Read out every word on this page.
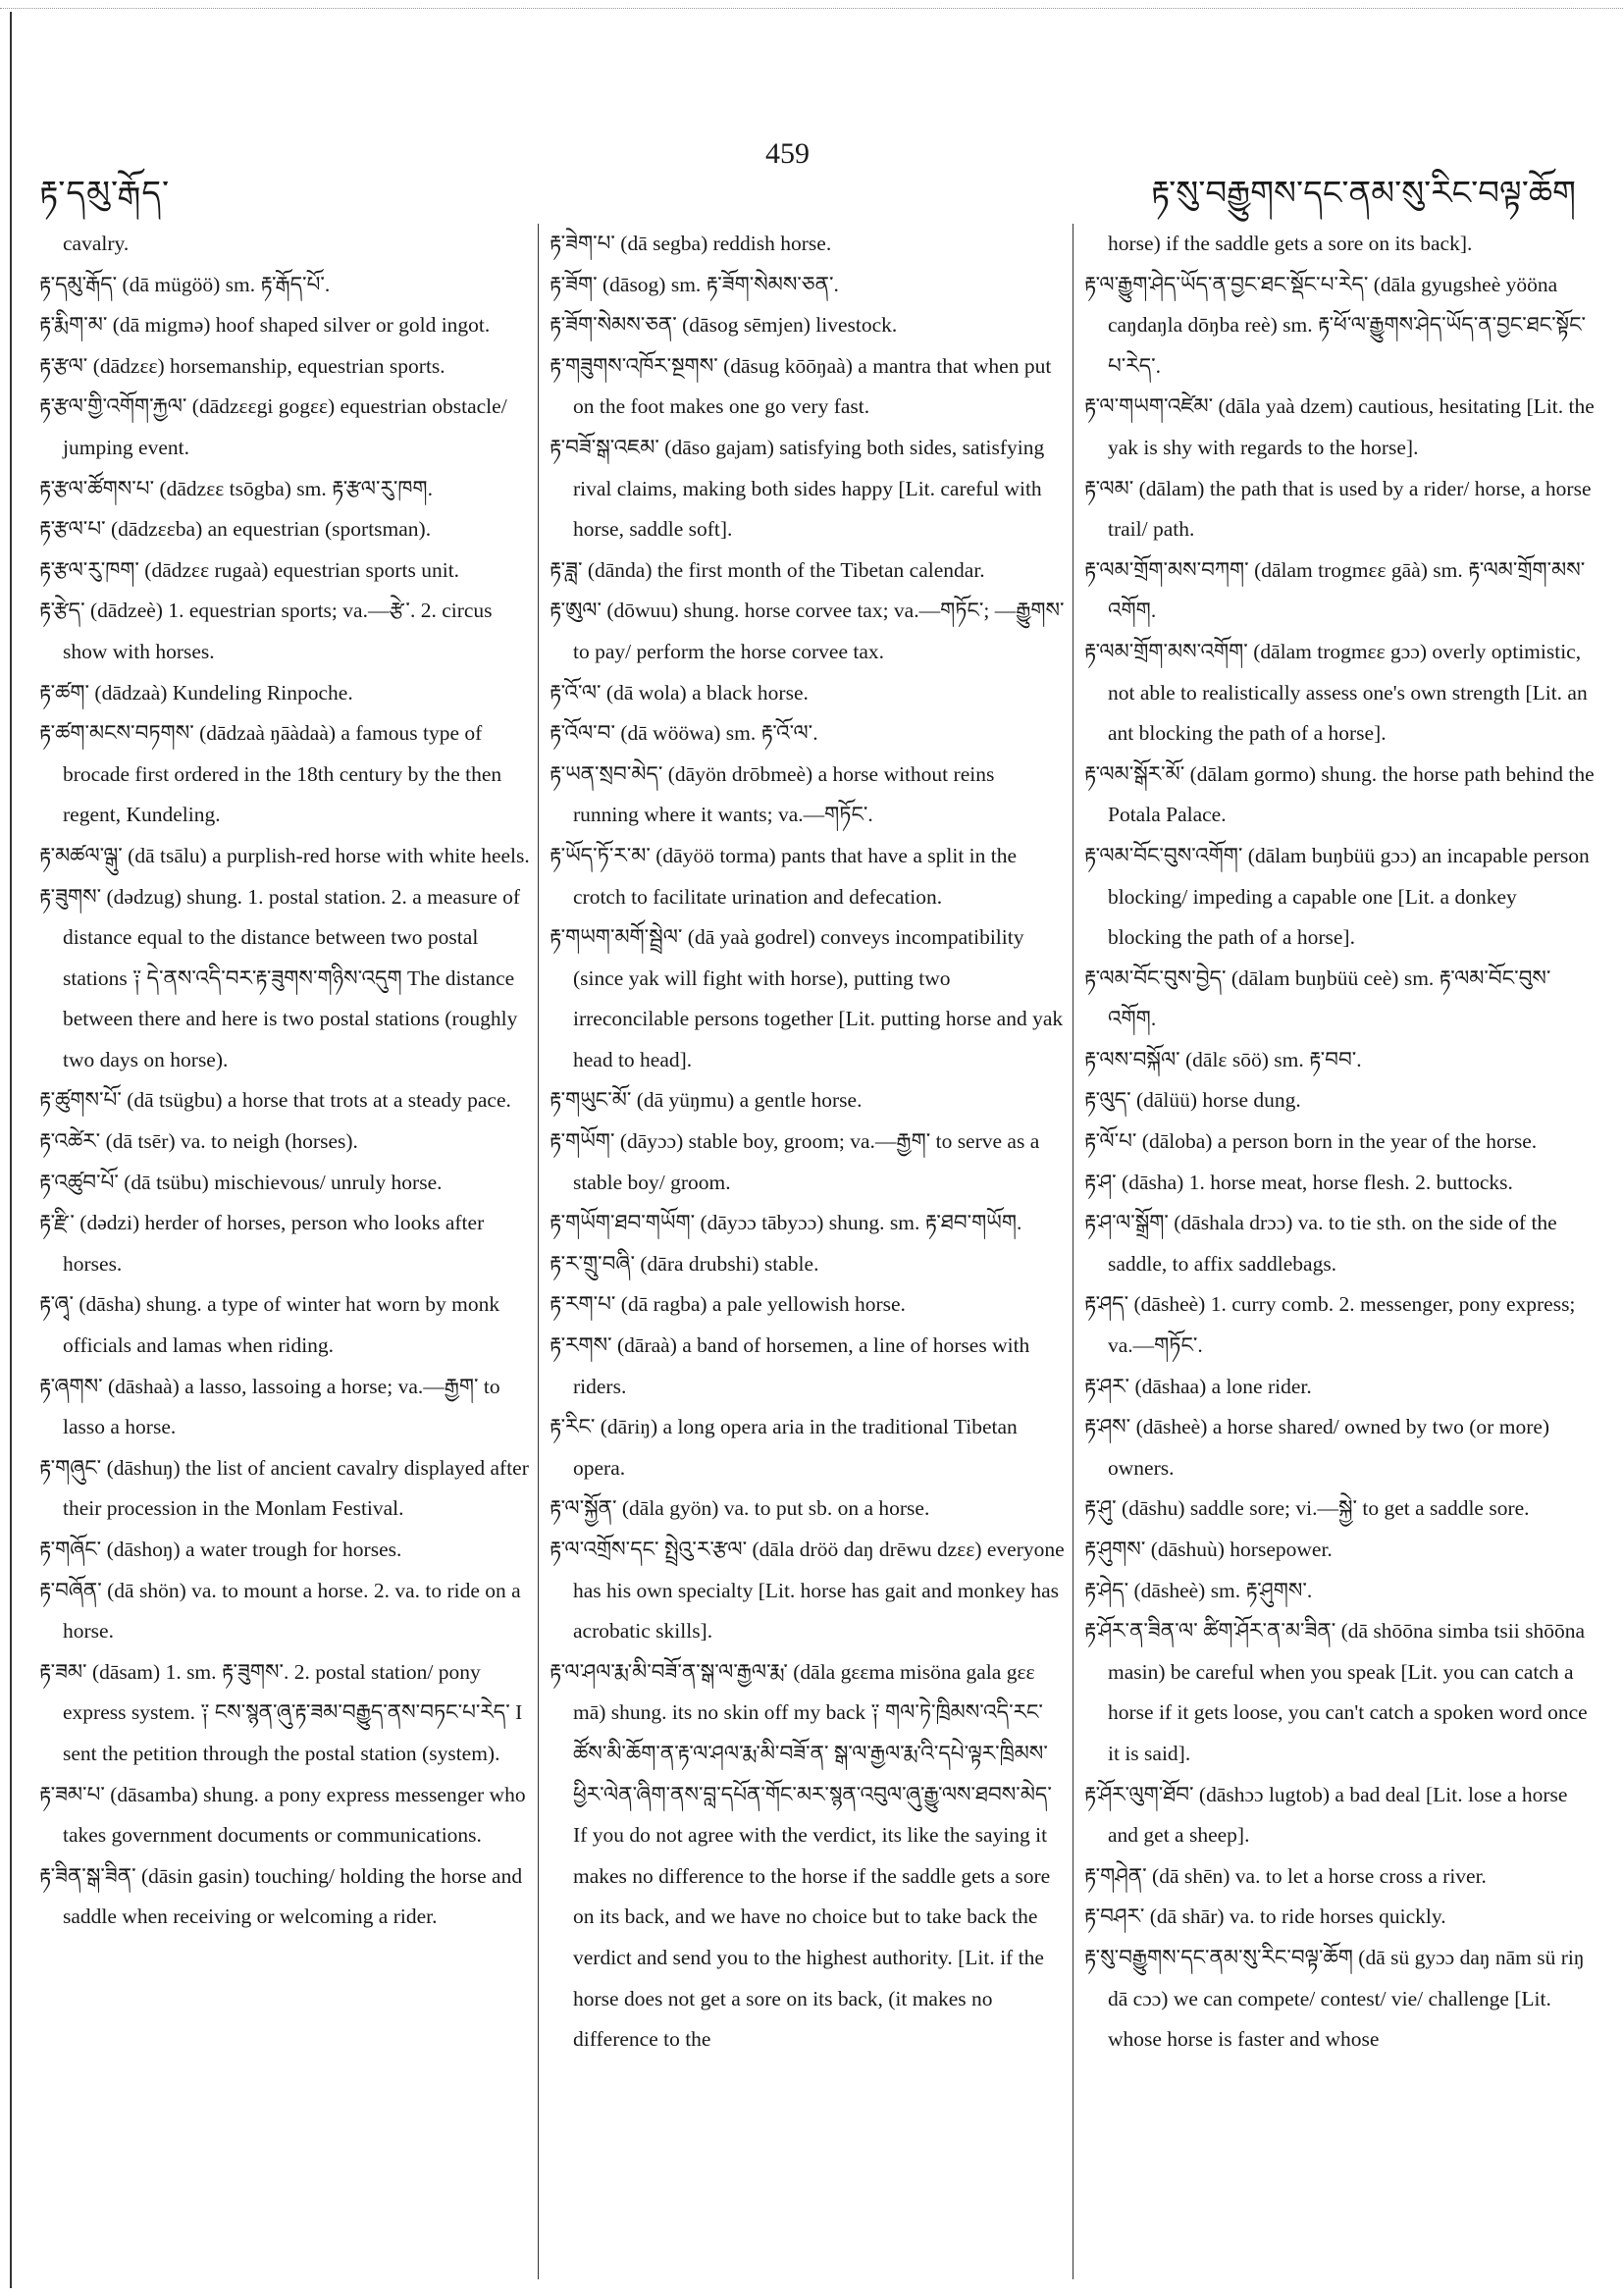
རྟ་དམུ་རྒོད་
459
རྟ་སུ་བརྒྱུགས་དང་ནམ་སུ་རིང་བལྟ་ཆོག
cavalry.
རྟ་དམུ་རྒོད་ (dā mügöö) sm. རྟ་རྒོད་པོ་.
རྟ་རྨིག་མ་ (dā migmə) hoof shaped silver or gold ingot.
རྟ་རྩལ་ (dādzεε) horsemanship, equestrian sports.
རྟ་རྩལ་གྱི་འགོག་རྐྱལ་ (dādzεεgi gogεε) equestrian obstacle/ jumping event.
རྟ་རྩལ་ཚོགས་པ་ (dādzεε tsōgba) sm. རྟ་རྩལ་རུ་ཁག.
རྟ་རྩལ་པ་ (dādzεεba) an equestrian (sportsman).
རྟ་རྩལ་རུ་ཁག་ (dādzεε rugaà) equestrian sports unit.
རྟ་རྩེད་ (dādzeè) 1. equestrian sports; va.—རྩེ་. 2. circus show with horses.
རྟ་ཚག་ (dādzaà) Kundeling Rinpoche.
རྟ་ཚག་མངས་བཏགས་ (dādzaà ŋāàdaà) a famous type of brocade first ordered in the 18th century by the then regent, Kundeling.
རྟ་མཚལ་ལྒུ་ (dā tsālu) a purplish-red horse with white heels.
རྟ་ཟུགས་ (dədzug) shung. 1. postal station. 2. a measure of distance equal to the distance between two postal stations ༑ དེ་ནས་འདི་བར་རྟ་ཟུགས་གཉིས་འདུག The distance between there and here is two postal stations (roughly two days on horse).
རྟ་ཚུགས་པོ་ (dā tsügbu) a horse that trots at a steady pace.
རྟ་འཚེར་ (dā tsēr) va. to neigh (horses).
རྟ་འཚུབ་པོ་ (dā tsübu) mischievous/ unruly horse.
རྟ་རྫི་ (dədzi) herder of horses, person who looks after horses.
རྟ་ཞྭ་ (dāsha) shung. a type of winter hat worn by monk officials and lamas when riding.
རྟ་ཞགས་ (dāshaà) a lasso, lassoing a horse; va.—རྒྱག་ to lasso a horse.
རྟ་གཞུང་ (dāshuŋ) the list of ancient cavalry displayed after their procession in the Monlam Festival.
རྟ་གཞོང་ (dāshoŋ) a water trough for horses.
རྟ་བཞོན་ (dā shön) va. to mount a horse. 2. va. to ride on a horse.
རྟ་ཟམ་ (dāsam) 1. sm. རྟ་ཟུགས་. 2. postal station/ pony express system. ༑ ངས་སྙན་ཞུ་རྟ་ཟམ་བརྒྱུད་ནས་བཏང་པ་རེད་ I sent the petition through the postal station (system).
རྟ་ཟམ་པ་ (dāsamba) shung. a pony express messenger who takes government documents or communications.
རྟ་ཟིན་སྒ་ཟིན་ (dāsin gasin) touching/ holding the horse and saddle when receiving or welcoming a rider.
རྟ་ཟེག་པ་ (dā segba) reddish horse.
རྟ་ཟོག་ (dāsog) sm. རྟ་ཟོག་སེམས་ཅན་.
རྟ་ཟོག་སེམས་ཅན་ (dāsog sēmjen) livestock.
རྟ་གཟུགས་འཁོར་སྔགས་ (dāsug kōōŋaà) a mantra that when put on the foot makes one go very fast.
རྟ་བཟོ་སྒ་འཇམ་ (dāso gajam) satisfying both sides, satisfying rival claims, making both sides happy [Lit. careful with horse, saddle soft].
རྟ་ཟླ་ (dānda) the first month of the Tibetan calendar.
རྟ་ཨུལ་ (dōwuu) shung. horse corvee tax; va.—གཏོང་; —རྒྱུགས་ to pay/ perform the horse corvee tax.
རྟ་འོ་ལ་ (dā wola) a black horse.
རྟ་འོལ་བ་ (dā wööwa) sm. རྟ་འོ་ལ་.
རྟ་ཡན་སྲབ་མེད་ (dāyön drōbmeè) a horse without reins running where it wants; va.—གཏོང་.
རྟ་ཡོད་ཏོ་ར་མ་ (dāyöö torma) pants that have a split in the crotch to facilitate urination and defecation.
རྟ་གཡག་མགོ་སྦྲེལ་ (dā yaà godrel) conveys incompatibility (since yak will fight with horse), putting two irreconcilable persons together [Lit. putting horse and yak head to head].
རྟ་གཡུང་མོ་ (dā yüŋmu) a gentle horse.
རྟ་གཡོག་ (dāyɔɔ) stable boy, groom; va.—རྒྱག་ to serve as a stable boy/ groom.
རྟ་གཡོག་ཐབ་གཡོག་ (dāyɔɔ tābyɔɔ) shung. sm. རྟ་ཐབ་གཡོག.
རྟ་ར་གྲུ་བཞི་ (dāra drubshi) stable.
རྟ་རག་པ་ (dā ragba) a pale yellowish horse.
རྟ་རགས་ (dāraà) a band of horsemen, a line of horses with riders.
རྟ་རིང་ (dāriŋ) a long opera aria in the traditional Tibetan opera.
རྟ་ལ་སྐྱོན་ (dāla gyön) va. to put sb. on a horse.
རྟ་ལ་འགྲོས་དང་ སྤྲེའུ་ར་རྩལ་ (dāla dröö daŋ drēwu dzεε) everyone has his own specialty [Lit. horse has gait and monkey has acrobatic skills].
རྟ་ལ་ཤལ་རྨ་མི་བཟོ་ན་སྒ་ལ་རྒྱལ་རྨ་ (dāla gεεma misöna gala gεε mā) shung. its no skin off my back ༑ གལ་ཏེ་ཁྲིམས་འདི་རང་ཚོས་མི་ཆོག་ན་རྟ་ལ་ཤལ་རྨ་མི་བཟོ་ན་ སྒ་ལ་རྒྱལ་རྨ་འི་དཔེ་ལྟར་ཁྲིམས་ཕྱིར་ལེན་ཞིག་ནས་བླ་དཔོན་གོང་མར་སྙན་འབུལ་ཞུ་རྒྱུ་ལས་ཐབས་མེད་ If you do not agree with the verdict, its like the saying it makes no difference to the horse if the saddle gets a sore on its back, and we have no choice but to take back the verdict and send you to the highest authority. [Lit. if the horse does not get a sore on its back, (it makes no difference to the
horse) if the saddle gets a sore on its back].
རྟ་ལ་རྒྱུག་ཤེད་ཡོད་ན་བྱང་ཐང་སྡོང་པ་རེད་ (dāla gyugsheè yööna caŋdaŋla dōŋba reè) sm. རྟ་ཕོ་ལ་རྒྱུགས་ཤེད་ཡོད་ན་བྱང་ཐང་སྟོང་པ་རེད་.
རྟ་ལ་གཡག་འཛེམ་ (dāla yaà dzem) cautious, hesitating [Lit. the yak is shy with regards to the horse].
རྟ་ལམ་ (dālam) the path that is used by a rider/ horse, a horse trail/ path.
རྟ་ལམ་གྲོག་མས་བཀག་ (dālam trogmεε gāà) sm. རྟ་ལམ་གྲོག་མས་འགོག.
རྟ་ལམ་གྲོག་མས་འགོག་ (dālam trogmεε gɔɔ) overly optimistic, not able to realistically assess one's own strength [Lit. an ant blocking the path of a horse].
རྟ་ལམ་སྒོར་མོ་ (dālam gormo) shung. the horse path behind the Potala Palace.
རྟ་ལམ་བོང་བུས་འགོག་ (dālam buŋbüü gɔɔ) an incapable person blocking/ impeding a capable one [Lit. a donkey blocking the path of a horse].
རྟ་ལམ་བོང་བུས་བྱེད་ (dālam buŋbüü ceè) sm. རྟ་ལམ་བོང་བུས་འགོག.
རྟ་ལས་བསྐོལ་ (dālε sōö) sm. རྟ་བབ་.
རྟ་ལུད་ (dālüü) horse dung.
རྟ་ལོ་པ་ (dāloba) a person born in the year of the horse.
རྟ་ཤ་ (dāsha) 1. horse meat, horse flesh. 2. buttocks.
རྟ་ཤ་ལ་སྒྲོག་ (dāshala drɔɔ) va. to tie sth. on the side of the saddle, to affix saddlebags.
རྟ་ཤད་ (dāsheè) 1. curry comb. 2. messenger, pony express; va.—གཏོང་.
རྟ་ཤར་ (dāshaa) a lone rider.
རྟ་ཤས་ (dāsheè) a horse shared/ owned by two (or more) owners.
རྟ་ཤུ་ (dāshu) saddle sore; vi.—སྐྱེ་ to get a saddle sore.
རྟ་ཤུགས་ (dāshuù) horsepower.
རྟ་ཤེད་ (dāsheè) sm. རྟ་ཤུགས་.
རྟ་ཤོར་ན་ཟིན་ལ་ ཚིག་ཤོར་ན་མ་ཟིན་ (dā shōōna simba tsii shōōna masin) be careful when you speak [Lit. you can catch a horse if it gets loose, you can't catch a spoken word once it is said].
རྟ་ཤོར་ལུག་ཐོབ་ (dāshɔɔ lugtob) a bad deal [Lit. lose a horse and get a sheep].
རྟ་གཤེན་ (dā shēn) va. to let a horse cross a river.
རྟ་བཤར་ (dā shār) va. to ride horses quickly.
རྟ་སུ་བརྒྱུགས་དང་ནམ་སུ་རིང་བལྟ་ཆོག (dā sü gyɔɔ daŋ nām sü riŋ dā cɔɔ) we can compete/ contest/ vie/ challenge [Lit. whose horse is faster and whose
